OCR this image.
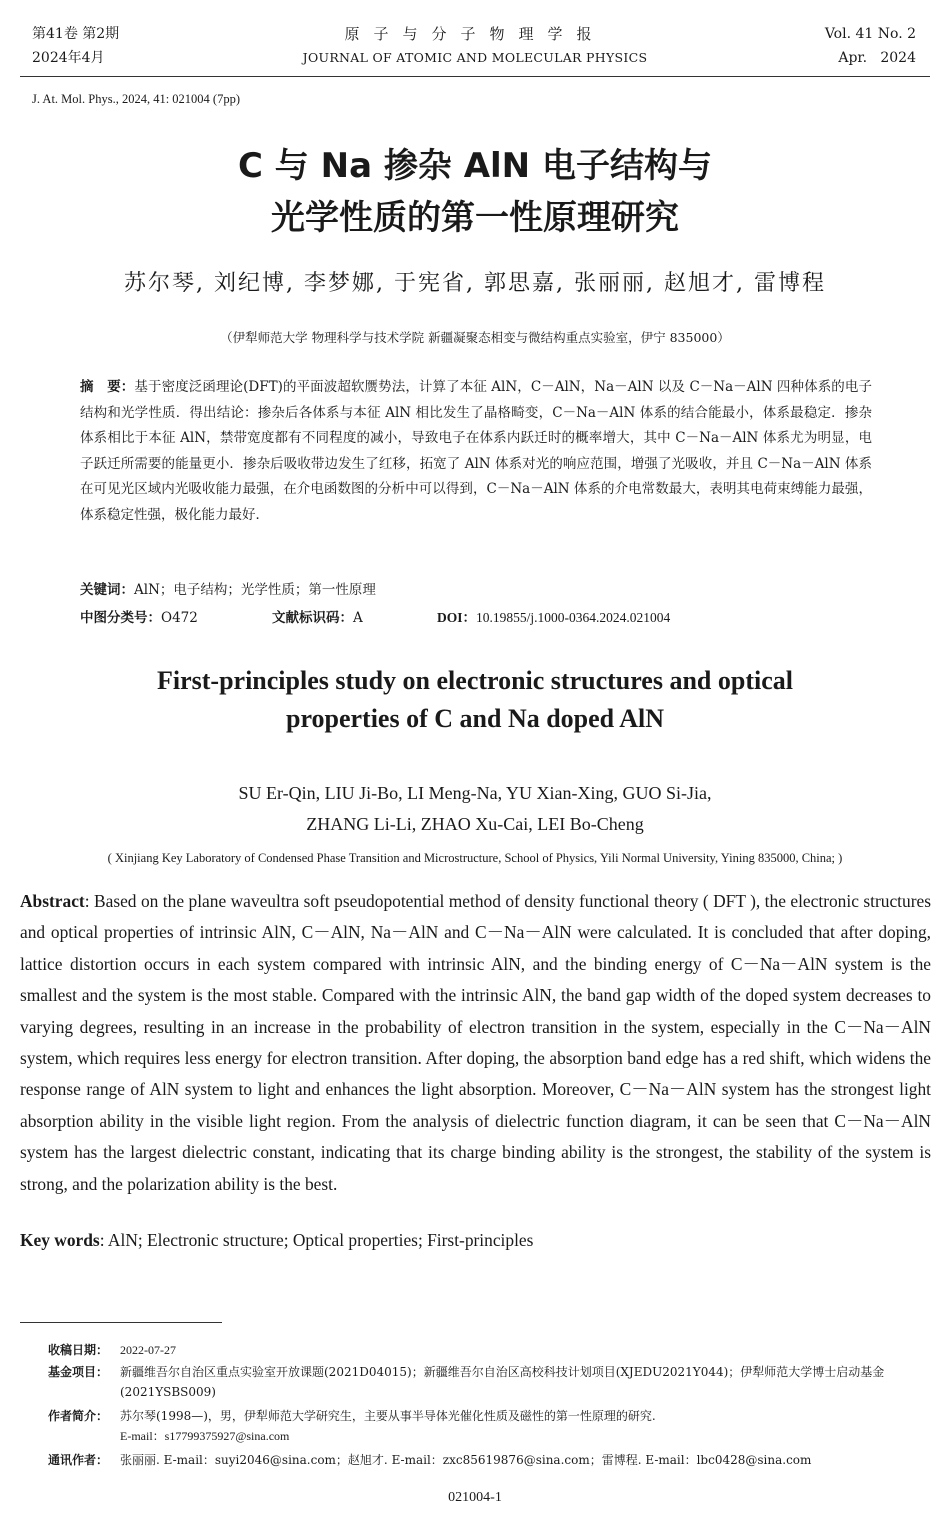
第41卷 第2期
2024年4月
原子与分子物理学报
JOURNAL OF ATOMIC AND MOLECULAR PHYSICS
Vol. 41 No. 2
Apr.   2024
J. At. Mol. Phys., 2024, 41: 021004 (7pp)
C 与 Na 掺杂 AlN 电子结构与
光学性质的第一性原理研究
苏尔琴, 刘纪博, 李梦娜, 于宪省, 郭思嘉, 张丽丽, 赵旭才, 雷博程
（伊犁师范大学 物理科学与技术学院 新疆凝聚态相变与微结构重点实验室，伊宁 835000）
摘　要：基于密度泛函理论(DFT)的平面波超软赝势法，计算了本征 AlN，C－AlN，Na－AlN 以及 C－Na－AlN 四种体系的电子结构和光学性质．得出结论：掺杂后各体系与本征 AlN 相比发生了晶格畸变，C－Na－AlN 体系的结合能最小，体系最稳定．掺杂体系相比于本征 AlN，禁带宽度都有不同程度的减小，导致电子在体系内跃迁时的概率增大，其中 C－Na－AlN 体系尤为明显，电子跃迁所需要的能量更小．掺杂后吸收带边发生了红移，拓宽了 AlN 体系对光的响应范围，增强了光吸收，并且 C－Na－AlN 体系在可见光区域内光吸收能力最强，在介电函数图的分析中可以得到，C－Na－AlN 体系的介电常数最大，表明其电荷束缚能力最强，体系稳定性强，极化能力最好．
关键词：AlN；电子结构；光学性质；第一性原理
中图分类号：O472	文献标识码：A	DOI：10.19855/j.1000-0364.2024.021004
First-principles study on electronic structures and optical
properties of C and Na doped AlN
SU Er-Qin, LIU Ji-Bo, LI Meng-Na, YU Xian-Xing, GUO Si-Jia,
ZHANG Li-Li, ZHAO Xu-Cai, LEI Bo-Cheng
( Xinjiang Key Laboratory of Condensed Phase Transition and Microstructure, School of Physics, Yili Normal University, Yining 835000, China; )
Abstract: Based on the plane waveultra soft pseudopotential method of density functional theory ( DFT ), the electronic structures and optical properties of intrinsic AlN, C－AlN, Na－AlN and C－Na－AlN were calculated. It is concluded that after doping, lattice distortion occurs in each system compared with intrinsic AlN, and the binding energy of C－Na－AlN system is the smallest and the system is the most stable. Compared with the intrinsic AlN, the band gap width of the doped system decreases to varying degrees, resulting in an increase in the probability of electron transition in the system, especially in the C－Na－AlN system, which requires less energy for electron transition. After doping, the absorption band edge has a red shift, which widens the response range of AlN system to light and enhances the light absorption. Moreover, C－Na－AlN system has the strongest light absorption ability in the visible light region. From the analysis of dielectric function diagram, it can be seen that C－Na－AlN system has the largest dielectric constant, indicating that its charge binding ability is the strongest, the stability of the system is strong, and the polarization ability is the best.
Key words: AlN; Electronic structure; Optical properties; First-principles
收稿日期： 2022-07-27
基金项目： 新疆维吾尔自治区重点实验室开放课题(2021D04015)；新疆维吾尔自治区高校科技计划项目(XJEDU2021Y044)；伊犁师范大学博士启动基金(2021YSBS009)
作者简介： 苏尔琴(1998—)，男，伊犁师范大学研究生，主要从事半导体光催化性质及磁性的第一性原理的研究.
E-mail：s17799375927@sina.com
通讯作者： 张丽丽. E-mail：suyi2046@sina.com；赵旭才. E-mail：zxc85619876@sina.com；雷博程. E-mail：lbc0428@sina.com
021004-1
